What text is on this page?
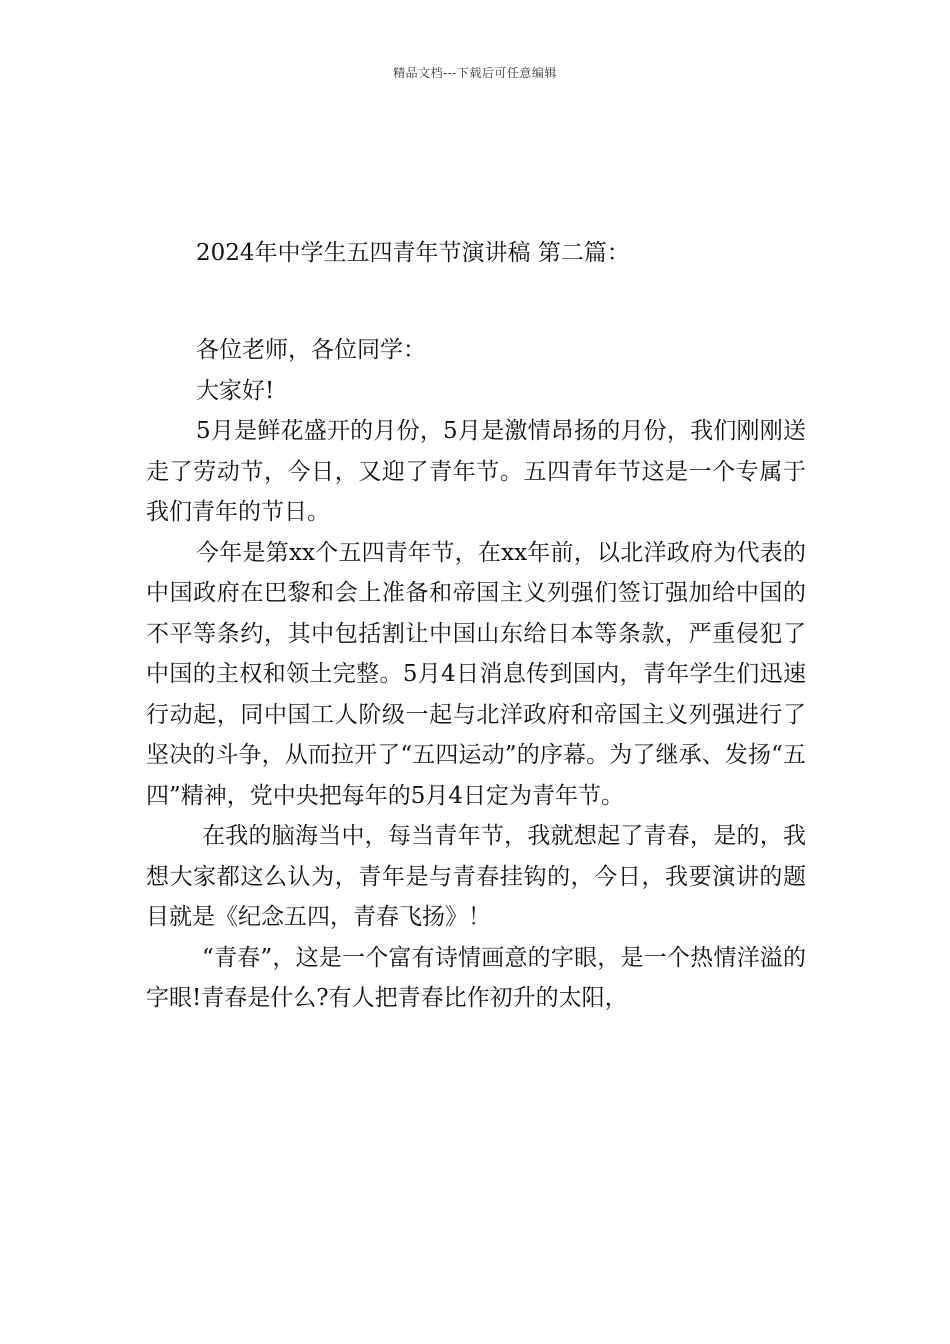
精品文档---下载后可任意编辑
2024年中学生五四青年节演讲稿 第二篇：

各位老师，各位同学：

大家好!

5月是鲜花盛开的月份，5月是激情昂扬的月份，我们刚刚送走了劳动节，今日，又迎了青年节。五四青年节这是一个专属于我们青年的节日。

今年是第xx个五四青年节，在xx年前，以北洋政府为代表的中国政府在巴黎和会上准备和帝国主义列强们签订强加给中国的不平等条约，其中包括割让中国山东给日本等条款，严重侵犯了中国的主权和领土完整。5月4日消息传到国内，青年学生们迅速行动起，同中国工人阶级一起与北洋政府和帝国主义列强进行了坚决的斗争，从而拉开了“五四运动”的序幕。为了继承、发扬“五四”精神，党中央把每年的5月4日定为青年节。

在我的脑海当中，每当青年节，我就想起了青春，是的，我想大家都这么认为，青年是与青春挂钩的，今日，我要演讲的题目就是《纪念五四，青春飞扬》！

“青春”，这是一个富有诗情画意的字眼，是一个热情洋溢的字眼!青春是什么?有人把青春比作初升的太阳，
